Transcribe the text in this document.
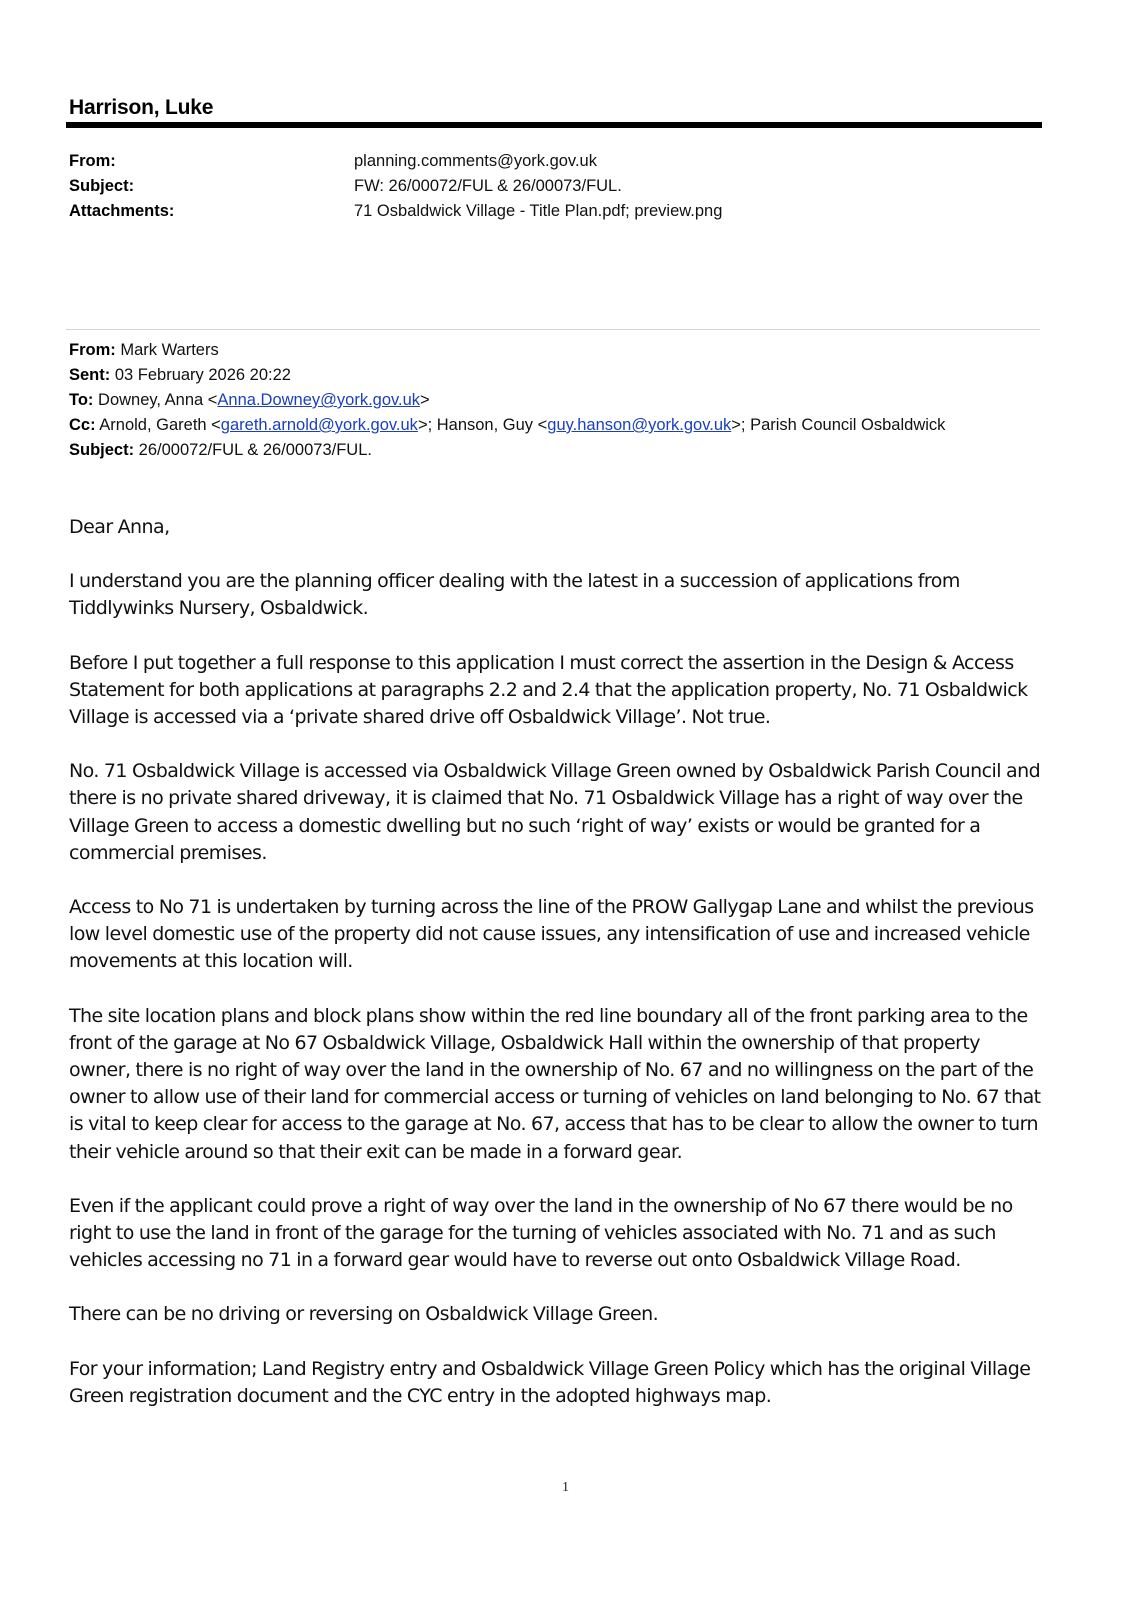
Harrison, Luke
From:	planning.comments@york.gov.uk
Subject:	FW: 26/00072/FUL & 26/00073/FUL.
Attachments:	71 Osbaldwick Village - Title Plan.pdf; preview.png
From: Mark Warters
Sent: 03 February 2026 20:22
To: Downey, Anna <Anna.Downey@york.gov.uk>
Cc: Arnold, Gareth <gareth.arnold@york.gov.uk>; Hanson, Guy <guy.hanson@york.gov.uk>; Parish Council Osbaldwick
Subject: 26/00072/FUL & 26/00073/FUL.

Dear Anna,

I understand you are the planning officer dealing with the latest in a succession of applications from Tiddlywinks Nursery, Osbaldwick.

Before I put together a full response to this application I must correct the assertion in the Design & Access Statement for both applications at paragraphs 2.2 and 2.4 that the application property, No. 71 Osbaldwick Village is accessed via a ‘private shared drive off Osbaldwick Village’. Not true.

No. 71 Osbaldwick Village is accessed via Osbaldwick Village Green owned by Osbaldwick Parish Council and there is no private shared driveway, it is claimed that No. 71 Osbaldwick Village has a right of way over the Village Green to access a domestic dwelling but no such ‘right of way’ exists or would be granted for a commercial premises.

Access to No 71 is undertaken by turning across the line of the PROW Gallygap Lane and whilst the previous low level domestic use of the property did not cause issues, any intensification of use and increased vehicle movements at this location will.

The site location plans and block plans show within the red line boundary all of the front parking area to the front of the garage at No 67 Osbaldwick Village, Osbaldwick Hall within the ownership of that property owner, there is no right of way over the land in the ownership of No. 67 and no willingness on the part of the owner to allow use of their land for commercial access or turning of vehicles on land belonging to No. 67 that is vital to keep clear for access to the garage at No. 67, access that has to be clear to allow the owner to turn their vehicle around so that their exit can be made in a forward gear.

Even if the applicant could prove a right of way over the land in the ownership of No 67 there would be no right to use the land in front of the garage for the turning of vehicles associated with No. 71 and as such vehicles accessing no 71 in a forward gear would have to reverse out onto Osbaldwick Village Road.

There can be no driving or reversing on Osbaldwick Village Green.

For your information; Land Registry entry and Osbaldwick Village Green Policy which has the original Village Green registration document and the CYC entry in the adopted highways map.

1
